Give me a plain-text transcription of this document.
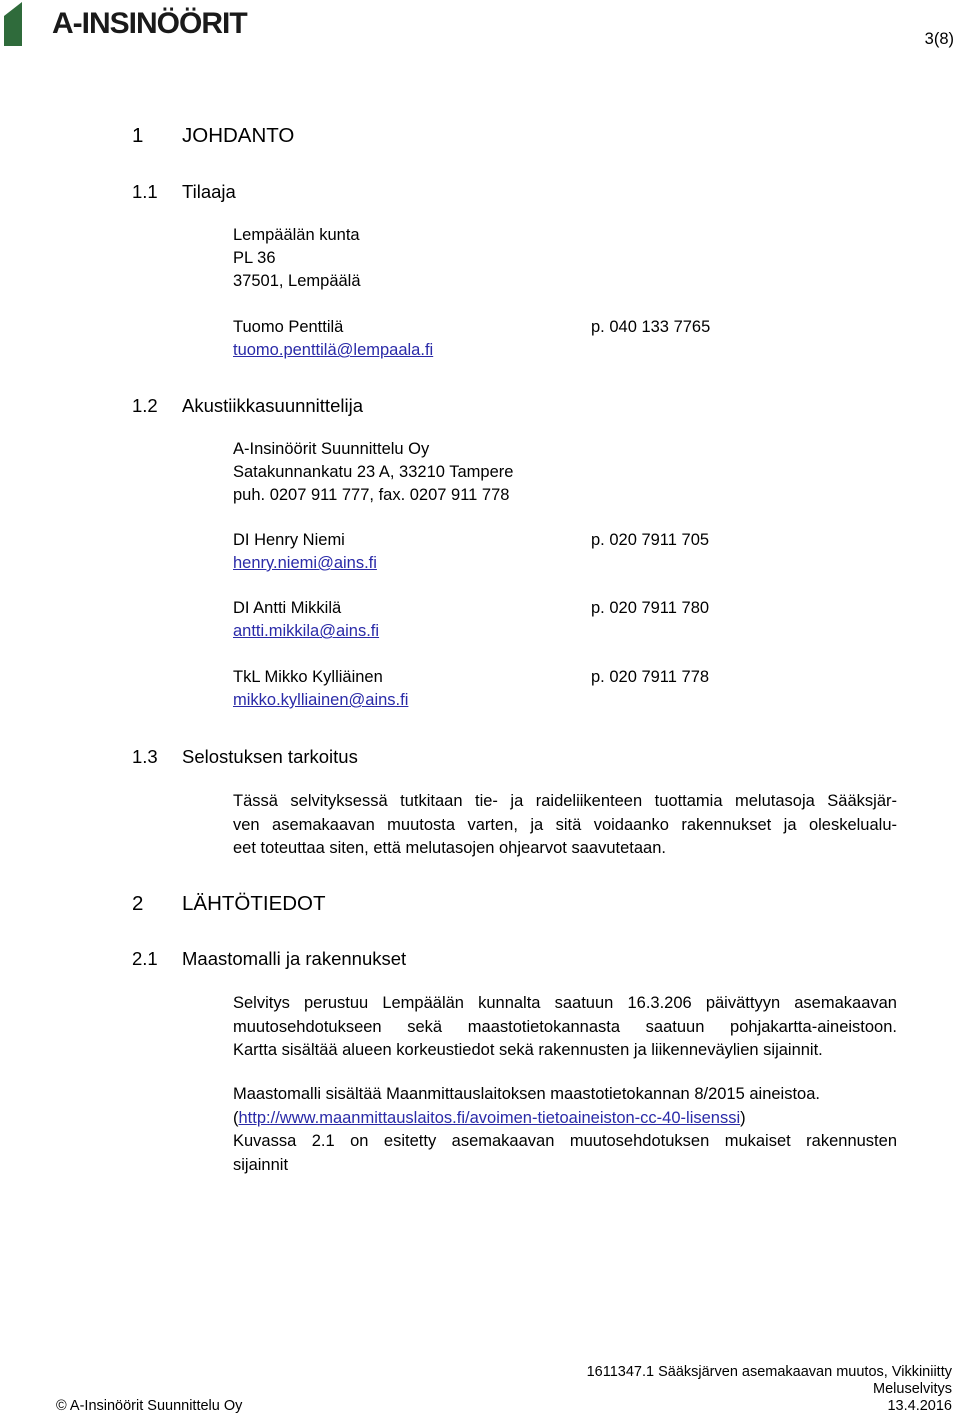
A-INSINÖÖRIT	3(8)
1 JOHDANTO
1.1 Tilaaja
Lempäälän kunta
PL 36
37501, Lempäälä
Tuomo Penttilä	p. 040 133 7765
tuomo.penttilä@lempaala.fi
1.2 Akustiikkasuunnittelija
A-Insinöörit Suunnittelu Oy
Satakunnankatu 23 A, 33210 Tampere
puh. 0207 911 777, fax. 0207 911 778
DI Henry Niemi	p. 020 7911 705
henry.niemi@ains.fi
DI Antti Mikkilä	p. 020 7911 780
antti.mikkila@ains.fi
TkL Mikko Kylliäinen	p. 020 7911 778
mikko.kylliainen@ains.fi
1.3 Selostuksen tarkoitus
Tässä selvityksessä tutkitaan tie- ja raideliikenteen tuottamia melutasoja Sääksjär-
ven asemakaavan muutosta varten, ja sitä voidaanko rakennukset ja oleskelualu-
eet toteuttaa siten, että melutasojen ohjearvot saavutetaan.
2 LÄHTÖTIEDOT
2.1 Maastomalli ja rakennukset
Selvitys perustuu Lempäälän kunnalta saatuun 16.3.206 päivättyyn asemakaavan
muutosehdotukseen sekä maastotietokannasta saatuun pohjakartta-aineistoon.
Kartta sisältää alueen korkeustiedot sekä rakennusten ja liikenneväylien sijainnit.
Maastomalli sisältää Maanmittauslaitoksen maastotietokannan 8/2015 aineistoa.
(http://www.maanmittauslaitos.fi/avoimen-tietoaineiston-cc-40-lisenssi)
Kuvassa 2.1 on esitetty asemakaavan muutosehdotuksen mukaiset rakennusten
sijainnit
© A-Insinöörit Suunnittelu Oy
1611347.1 Sääksjärven asemakaavan muutos, Vikkiniitty
Meluselvitys
13.4.2016
